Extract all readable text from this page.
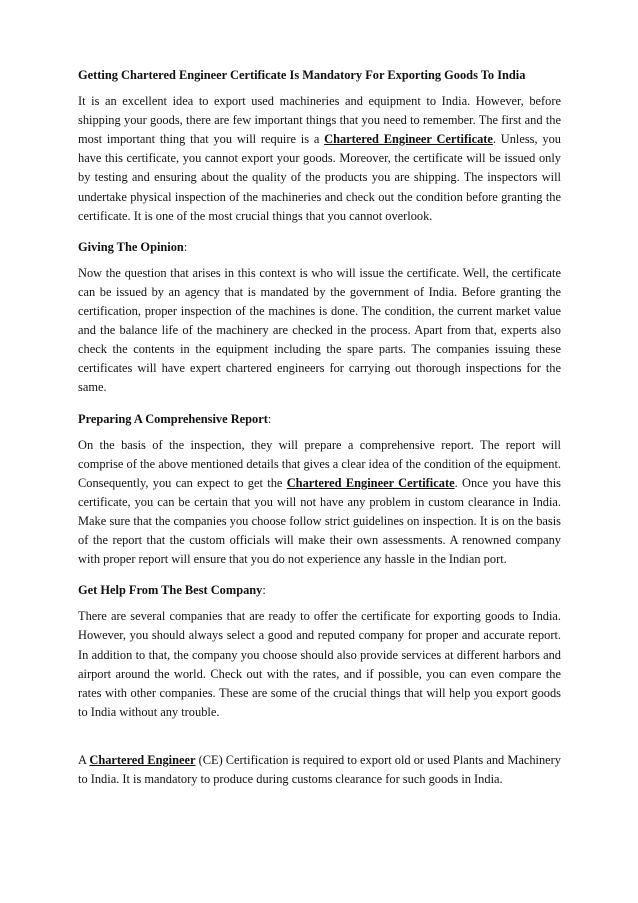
Getting Chartered Engineer Certificate Is Mandatory For Exporting Goods To India

It is an excellent idea to export used machineries and equipment to India. However, before shipping your goods, there are few important things that you need to remember. The first and the most important thing that you will require is a Chartered Engineer Certificate. Unless, you have this certificate, you cannot export your goods. Moreover, the certificate will be issued only by testing and ensuring about the quality of the products you are shipping. The inspectors will undertake physical inspection of the machineries and check out the condition before granting the certificate. It is one of the most crucial things that you cannot overlook.

Giving The Opinion:

Now the question that arises in this context is who will issue the certificate. Well, the certificate can be issued by an agency that is mandated by the government of India. Before granting the certification, proper inspection of the machines is done. The condition, the current market value and the balance life of the machinery are checked in the process. Apart from that, experts also check the contents in the equipment including the spare parts. The companies issuing these certificates will have expert chartered engineers for carrying out thorough inspections for the same.

Preparing A Comprehensive Report:

On the basis of the inspection, they will prepare a comprehensive report. The report will comprise of the above mentioned details that gives a clear idea of the condition of the equipment. Consequently, you can expect to get the Chartered Engineer Certificate. Once you have this certificate, you can be certain that you will not have any problem in custom clearance in India. Make sure that the companies you choose follow strict guidelines on inspection. It is on the basis of the report that the custom officials will make their own assessments. A renowned company with proper report will ensure that you do not experience any hassle in the Indian port.

Get Help From The Best Company:

There are several companies that are ready to offer the certificate for exporting goods to India. However, you should always select a good and reputed company for proper and accurate report. In addition to that, the company you choose should also provide services at different harbors and airport around the world. Check out with the rates, and if possible, you can even compare the rates with other companies. These are some of the crucial things that will help you export goods to India without any trouble.

A Chartered Engineer (CE) Certification is required to export old or used Plants and Machinery to India. It is mandatory to produce during customs clearance for such goods in India.
